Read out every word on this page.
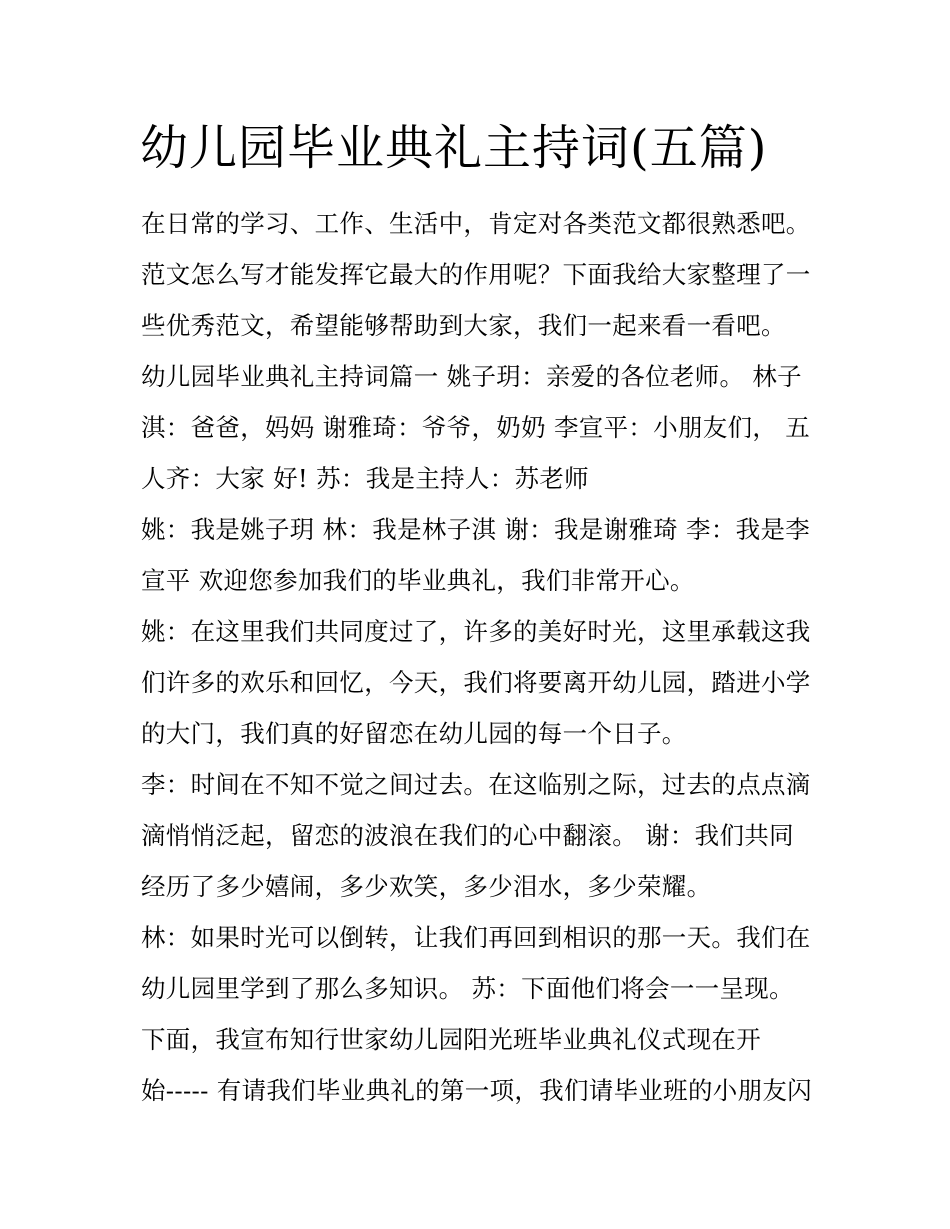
幼儿园毕业典礼主持词(五篇)
在日常的学习、工作、生活中，肯定对各类范文都很熟悉吧。
范文怎么写才能发挥它最大的作用呢？下面我给大家整理了一
些优秀范文，希望能够帮助到大家，我们一起来看一看吧。
幼儿园毕业典礼主持词篇一 姚子玥：亲爱的各位老师。 林子
淇：爸爸，妈妈 谢雅琦：爷爷，奶奶 李宣平：小朋友们， 五
人齐：大家 好! 苏：我是主持人：苏老师
姚：我是姚子玥 林：我是林子淇 谢：我是谢雅琦 李：我是李
宣平 欢迎您参加我们的毕业典礼，我们非常开心。
姚：在这里我们共同度过了，许多的美好时光，这里承载这我
们许多的欢乐和回忆，今天，我们将要离开幼儿园，踏进小学
的大门，我们真的好留恋在幼儿园的每一个日子。
李：时间在不知不觉之间过去。在这临别之际，过去的点点滴
滴悄悄泛起，留恋的波浪在我们的心中翻滚。 谢：我们共同
经历了多少嬉闹，多少欢笑，多少泪水，多少荣耀。
林：如果时光可以倒转，让我们再回到相识的那一天。我们在
幼儿园里学到了那么多知识。 苏：下面他们将会一一呈现。
下面，我宣布知行世家幼儿园阳光班毕业典礼仪式现在开
始----- 有请我们毕业典礼的第一项，我们请毕业班的小朋友闪
